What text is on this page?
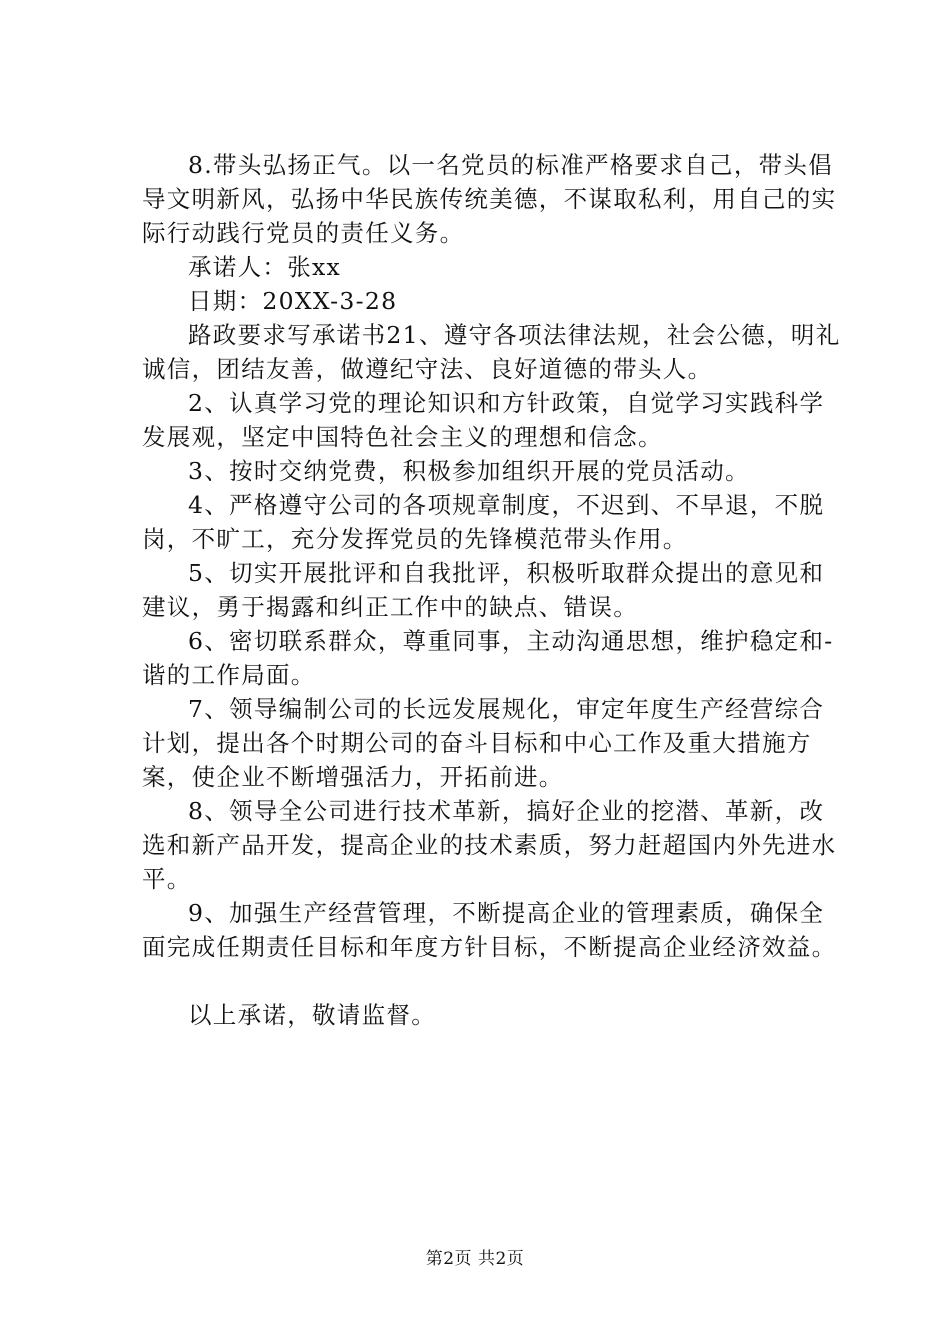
8.带头弘扬正气。以一名党员的标准严格要求自己，带头倡导文明新风，弘扬中华民族传统美德，不谋取私利，用自己的实际行动践行党员的责任义务。

承诺人：张xx

日期：20XX-3-28

路政要求写承诺书21、遵守各项法律法规，社会公德，明礼诚信，团结友善，做遵纪守法、良好道德的带头人。

2、认真学习党的理论知识和方针政策，自觉学习实践科学发展观，坚定中国特色社会主义的理想和信念。

3、按时交纳党费，积极参加组织开展的党员活动。

4、严格遵守公司的各项规章制度，不迟到、不早退，不脱岗，不旷工，充分发挥党员的先锋模范带头作用。

5、切实开展批评和自我批评，积极听取群众提出的意见和建议，勇于揭露和纠正工作中的缺点、错误。

6、密切联系群众，尊重同事，主动沟通思想，维护稳定和-谐的工作局面。

7、领导编制公司的长远发展规化，审定年度生产经营综合计划，提出各个时期公司的奋斗目标和中心工作及重大措施方案，使企业不断增强活力，开拓前进。

8、领导全公司进行技术革新，搞好企业的挖潜、革新，改选和新产品开发，提高企业的技术素质，努力赶超国内外先进水平。

9、加强生产经营管理，不断提高企业的管理素质，确保全面完成任期责任目标和年度方针目标，不断提高企业经济效益。

以上承诺，敬请监督。

第2页 共2页
